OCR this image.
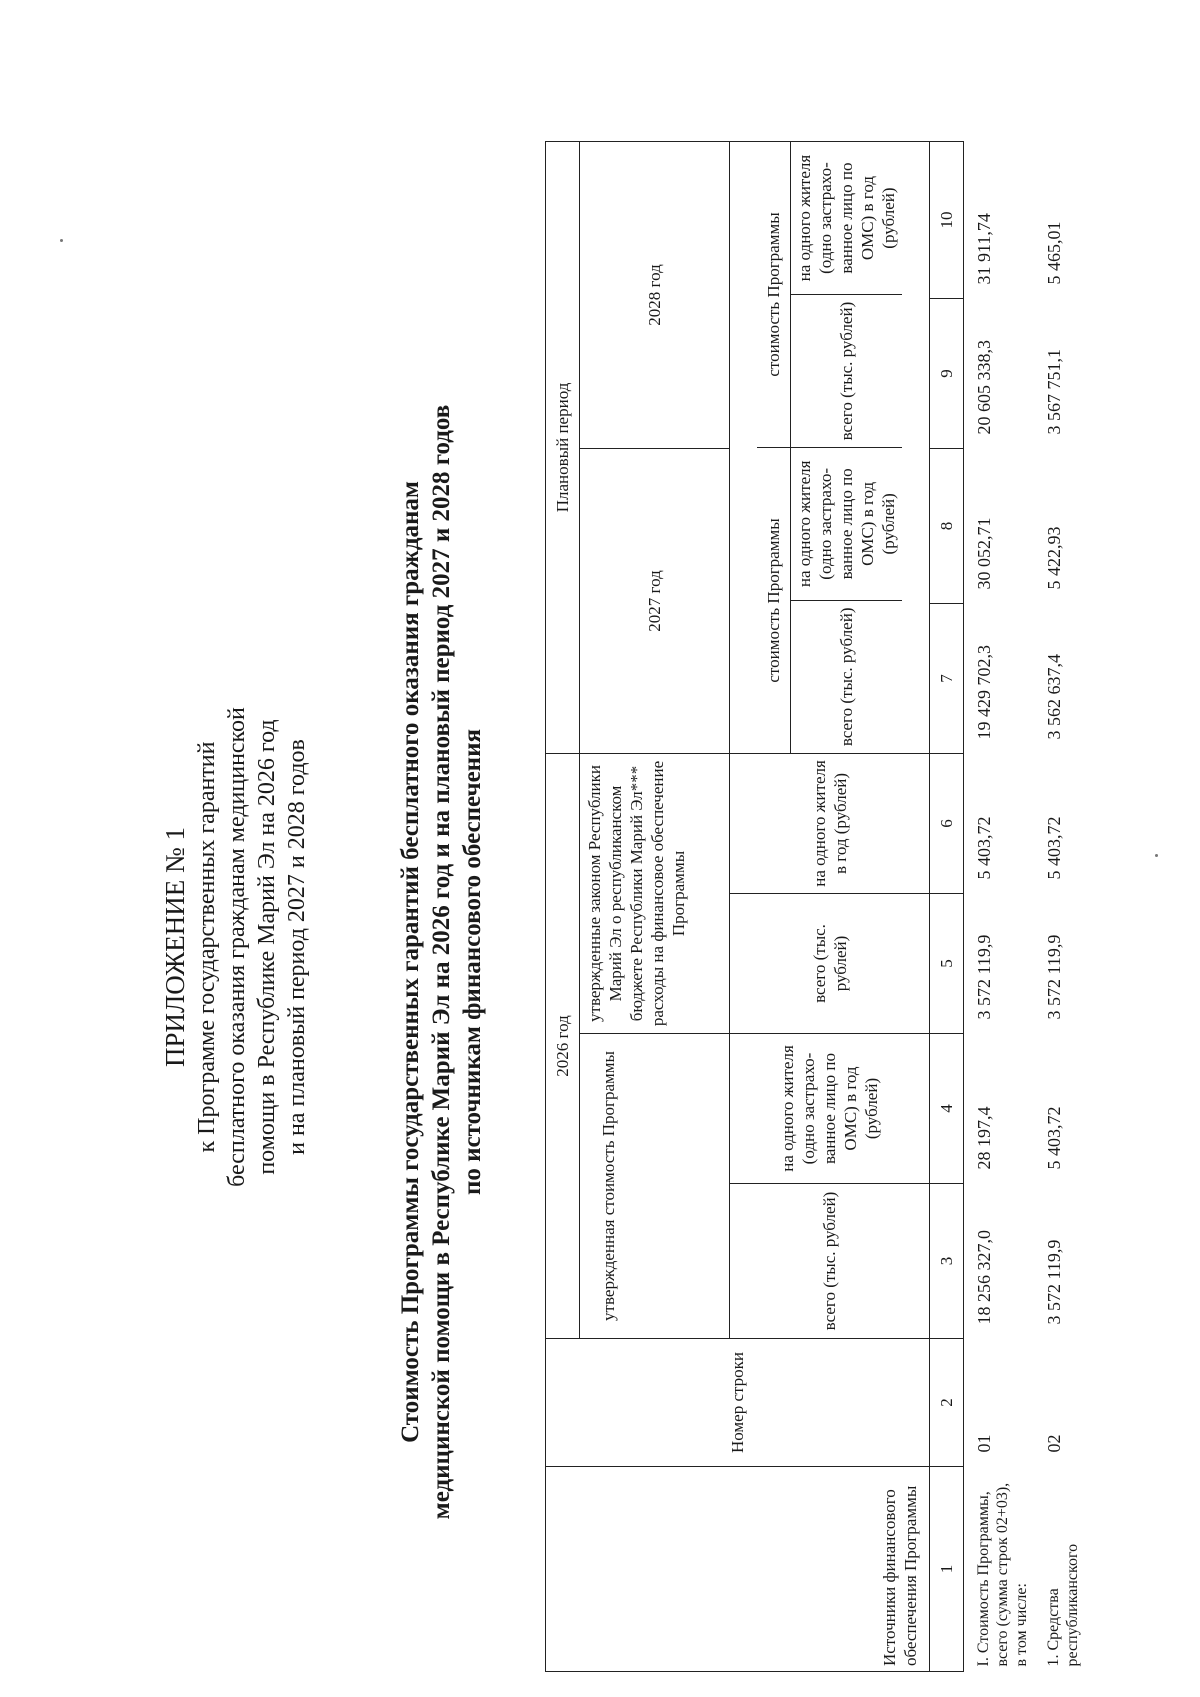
ПРИЛОЖЕНИЕ № 1 к Программе государственных гарантий бесплатного оказания гражданам медицинской помощи в Республике Марий Эл на 2026 год и на плановый период 2027 и 2028 годов	Стоимость Программы государственных гарантий бесплатного оказания гражданам медицинской помощи в Республике Марий Эл на 2026 год и на плановый период 2027 и 2028 годов по источникам финансового обеспечения
Источники финансового обеспечения Программы	Номер строки	2026 год	Плановый период
утвержденная стоимость Программы	утвержденные законом Республики Марий Эл о республиканском бюджете Республики Марий Эл*** расходы на финансовое обеспечение Программы	2027 год	2028 год
всего (тыс. рублей)	на одного жителя (одно застрахо-ванное лицо по ОМС) в год (рублей)	всего (тыс. рублей)	на одного жителя в год (рублей)	
стоимость Программы	стоимость Программы
всего (тыс. рублей)	на одного жителя (одно застрахо-ванное лицо по ОМС) в год (рублей)	всего (тыс. рублей)	на одного жителя (одно застрахо-ванное лицо по ОМС) в год (рублей)

1	2	3	4	5	6	7	8	9	10
I. Стоимость Программы, всего (сумма строк 02+03), в том числе:	01	18 256 327,0	28 197,4	3 572 119,9	5 403,72	19 429 702,3	30 052,71	20 605 338,3	31 911,74
1. Средства республиканского	02	3 572 119,9	5 403,72	3 572 119,9	5 403,72	3 562 637,4	5 422,93	3 567 751,1	5 465,01
